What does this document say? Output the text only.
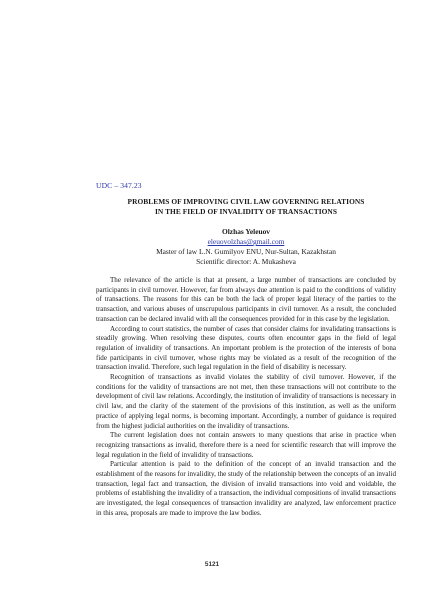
UDC – 347.23
PROBLEMS OF IMPROVING CIVIL LAW GOVERNING RELATIONS
IN THE FIELD OF INVALIDITY OF TRANSACTIONS
Olzhas Yeleuov
eleuovolzhas@gmail.com
Master of law L.N. Gumilyov ENU, Nur-Sultan, Kazakhstan
Scientific director: A. Mukasheva

The relevance of the article is that at present, a large number of transactions are concluded by participants in civil turnover. However, far from always due attention is paid to the conditions of validity of transactions. The reasons for this can be both the lack of proper legal literacy of the parties to the transaction, and various abuses of unscrupulous participants in civil turnover. As a result, the concluded transaction can be declared invalid with all the consequences provided for in this case by the legislation.

According to court statistics, the number of cases that consider claims for invalidating transactions is steadily growing. When resolving these disputes, courts often encounter gaps in the field of legal regulation of invalidity of transactions. An important problem is the protection of the interests of bona fide participants in civil turnover, whose rights may be violated as a result of the recognition of the transaction invalid. Therefore, such legal regulation in the field of disability is necessary.

Recognition of transactions as invalid violates the stability of civil turnover. However, if the conditions for the validity of transactions are not met, then these transactions will not contribute to the development of civil law relations. Accordingly, the institution of invalidity of transactions is necessary in civil law, and the clarity of the statement of the provisions of this institution, as well as the uniform practice of applying legal norms, is becoming important. Accordingly, a number of guidance is required from the highest judicial authorities on the invalidity of transactions.

The current legislation does not contain answers to many questions that arise in practice when recognizing transactions as invalid, therefore there is a need for scientific research that will improve the legal regulation in the field of invalidity of transactions.

Particular attention is paid to the definition of the concept of an invalid transaction and the establishment of the reasons for invalidity, the study of the relationship between the concepts of an invalid transaction, legal fact and transaction, the division of invalid transactions into void and voidable, the problems of establishing the invalidity of a transaction, the individual compositions of invalid transactions are investigated, the legal consequences of transaction invalidity are analyzed, law enforcement practice in this area, proposals are made to improve the law bodies.

5121
